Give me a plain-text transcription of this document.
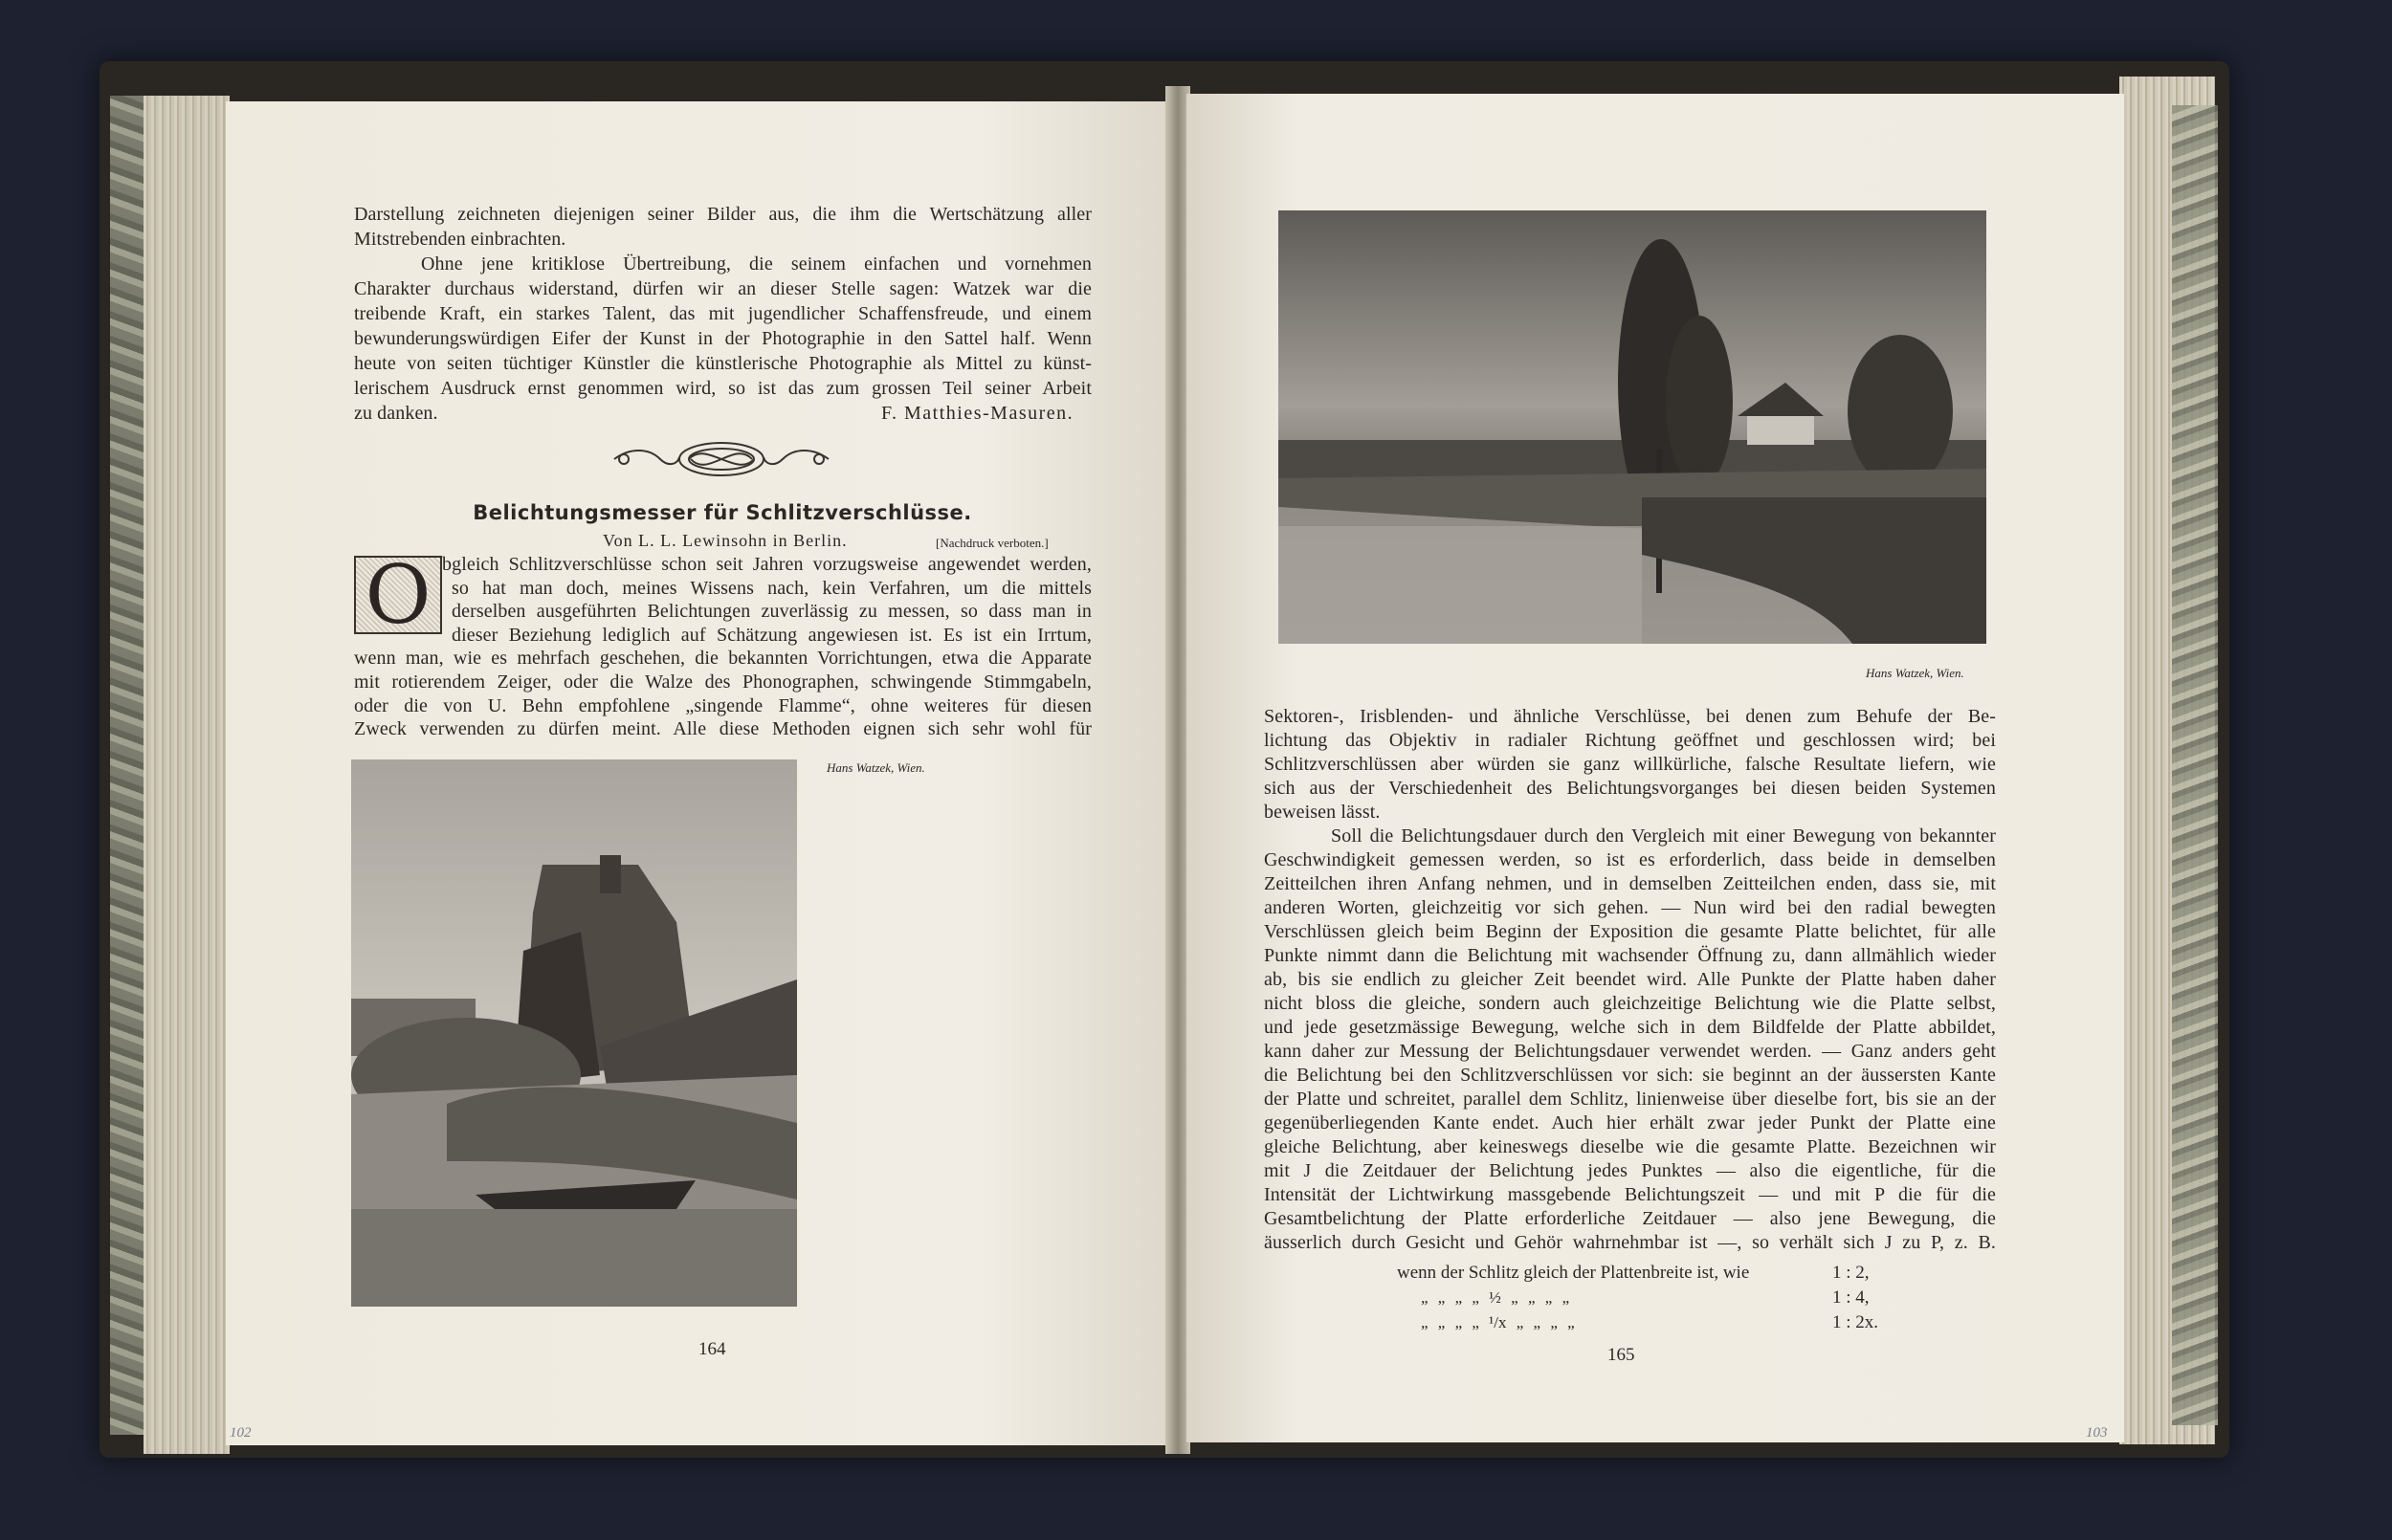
Darstellung zeichneten diejenigen seiner Bilder aus, die ihm die Wertschätzung aller
Mitstrebenden einbrachten.
Ohne jene kritiklose Übertreibung, die seinem einfachen und vornehmen
Charakter durchaus widerstand, dürfen wir an dieser Stelle sagen: Watzek war die
treibende Kraft, ein starkes Talent, das mit jugendlicher Schaffensfreude, und einem
bewunderungswürdigen Eifer der Kunst in der Photographie in den Sattel half. Wenn
heute von seiten tüchtiger Künstler die künstlerische Photographie als Mittel zu künst-
lerischem Ausdruck ernst genommen wird, so ist das zum grossen Teil seiner Arbeit
zu danken.	F. Matthies-Masuren.
Belichtungsmesser für Schlitzverschlüsse.
Von L. L. Lewinsohn in Berlin.	[Nachdruck verboten.]
O bgleich Schlitzverschlüsse schon seit Jahren vorzugsweise angewendet werden,
so hat man doch, meines Wissens nach, kein Verfahren, um die mittels
derselben ausgeführten Belichtungen zuverlässig zu messen, so dass man in
dieser Beziehung lediglich auf Schätzung angewiesen ist. Es ist ein Irrtum,
wenn man, wie es mehrfach geschehen, die bekannten Vorrichtungen, etwa die Apparate
mit rotierendem Zeiger, oder die Walze des Phonographen, schwingende Stimmgabeln,
oder die von U. Behn empfohlene „singende Flamme“, ohne weiteres für diesen
Zweck verwenden zu dürfen meint. Alle diese Methoden eignen sich sehr wohl für
Hans Watzek, Wien.
164
102
Hans Watzek, Wien.
Sektoren-, Irisblenden- und ähnliche Verschlüsse, bei denen zum Behufe der Be-
lichtung das Objektiv in radialer Richtung geöffnet und geschlossen wird; bei
Schlitzverschlüssen aber würden sie ganz willkürliche, falsche Resultate liefern, wie
sich aus der Verschiedenheit des Belichtungsvorganges bei diesen beiden Systemen
beweisen lässt.
Soll die Belichtungsdauer durch den Vergleich mit einer Bewegung von bekannter
Geschwindigkeit gemessen werden, so ist es erforderlich, dass beide in demselben
Zeitteilchen ihren Anfang nehmen, und in demselben Zeitteilchen enden, dass sie, mit
anderen Worten, gleichzeitig vor sich gehen. — Nun wird bei den radial bewegten
Verschlüssen gleich beim Beginn der Exposition die gesamte Platte belichtet, für alle
Punkte nimmt dann die Belichtung mit wachsender Öffnung zu, dann allmählich wieder
ab, bis sie endlich zu gleicher Zeit beendet wird. Alle Punkte der Platte haben daher
nicht bloss die gleiche, sondern auch gleichzeitige Belichtung wie die Platte selbst,
und jede gesetzmässige Bewegung, welche sich in dem Bildfelde der Platte abbildet,
kann daher zur Messung der Belichtungsdauer verwendet werden. — Ganz anders geht
die Belichtung bei den Schlitzverschlüssen vor sich: sie beginnt an der äussersten Kante
der Platte und schreitet, parallel dem Schlitz, linienweise über dieselbe fort, bis sie an der
gegenüberliegenden Kante endet. Auch hier erhält zwar jeder Punkt der Platte eine
gleiche Belichtung, aber keineswegs dieselbe wie die gesamte Platte. Bezeichnen wir
mit J die Zeitdauer der Belichtung jedes Punktes — also die eigentliche, für die
Intensität der Lichtwirkung massgebende Belichtungszeit — und mit P die für die
Gesamtbelichtung der Platte erforderliche Zeitdauer — also jene Bewegung, die
äusserlich durch Gesicht und Gehör wahrnehmbar ist —, so verhält sich J zu P, z. B.
wenn der Schlitz gleich der Plattenbreite ist, wie	1 : 2,
„ „ „ „ ½ „ „ „ „	1 : 4,
„ „ „ „ ¹/x „ „ „ „	1 : 2x.
165
103
